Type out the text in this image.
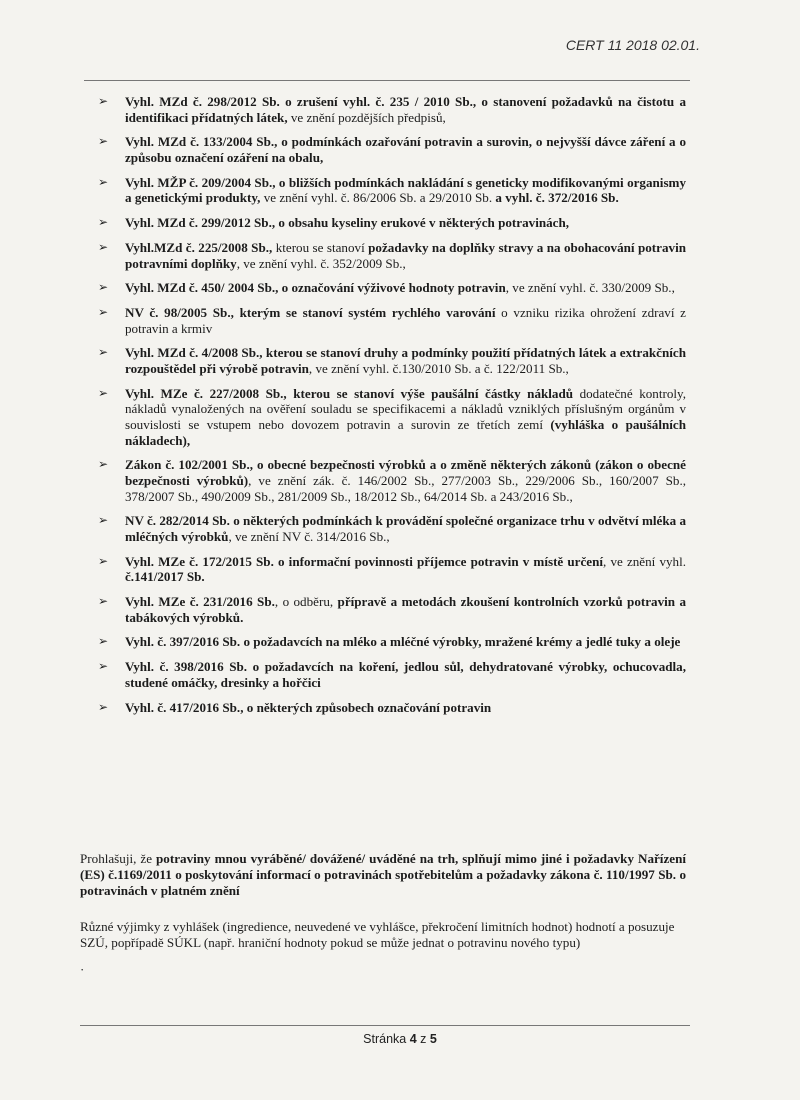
CERT 11 2018 02.01.
➢ Vyhl. MZd č. 298/2012 Sb. o zrušení vyhl. č. 235 / 2010 Sb., o stanovení požadavků na čistotu a identifikaci přídatných látek, ve znění pozdějších předpisů,
➢ Vyhl. MZd č. 133/2004 Sb., o podmínkách ozařování potravin a surovin, o nejvyšší dávce záření a o způsobu označení ozáření na obalu,
➢ Vyhl. MŽP č. 209/2004 Sb., o bližších podmínkách nakládání s geneticky modifikovanými organismy a genetickými produkty, ve znění vyhl. č. 86/2006 Sb. a 29/2010 Sb. a vyhl. č. 372/2016 Sb.
➢ Vyhl. MZd č. 299/2012 Sb., o obsahu kyseliny erukové v některých potravinách,
➢ Vyhl.MZd č. 225/2008 Sb., kterou se stanoví požadavky na doplňky stravy a na obohacování potravin potravními doplňky, ve znění vyhl. č. 352/2009 Sb.,
➢ Vyhl. MZd č. 450/ 2004 Sb., o označování výživové hodnoty potravin, ve znění vyhl. č. 330/2009 Sb.,
➢ NV č. 98/2005 Sb., kterým se stanoví systém rychlého varování o vzniku rizika ohrožení zdraví z potravin a krmiv
➢ Vyhl. MZd č. 4/2008 Sb., kterou se stanoví druhy a podmínky použití přídatných látek a extrakčních rozpouštědel při výrobě potravin, ve znění vyhl. č.130/2010 Sb. a č. 122/2011 Sb.,
➢ Vyhl. MZe č. 227/2008 Sb., kterou se stanoví výše paušální částky nákladů dodatečné kontroly, nákladů vynaložených na ověření souladu se specifikacemi a nákladů vzniklých příslušným orgánům v souvislosti se vstupem nebo dovozem potravin a surovin ze třetích zemí (vyhláška o paušálních nákladech),
➢ Zákon č. 102/2001 Sb., o obecné bezpečnosti výrobků a o změně některých zákonů (zákon o obecné bezpečnosti výrobků), ve znění zák. č. 146/2002 Sb., 277/2003 Sb., 229/2006 Sb., 160/2007 Sb., 378/2007 Sb., 490/2009 Sb., 281/2009 Sb., 18/2012 Sb., 64/2014 Sb. a 243/2016 Sb.,
➢ NV č. 282/2014 Sb. o některých podmínkách k provádění společné organizace trhu v odvětví mléka a mléčných výrobků, ve znění NV č. 314/2016 Sb.,
➢ Vyhl. MZe č. 172/2015 Sb. o informační povinnosti příjemce potravin v místě určení, ve znění vyhl. č.141/2017 Sb.
➢ Vyhl. MZe č. 231/2016 Sb., o odběru, přípravě a metodách zkoušení kontrolních vzorků potravin a tabákových výrobků.
➢ Vyhl. č. 397/2016 Sb. o požadavcích na mléko a mléčné výrobky, mražené krémy a jedlé tuky a oleje
➢ Vyhl. č. 398/2016 Sb. o požadavcích na koření, jedlou sůl, dehydratované výrobky, ochucovadla, studené omáčky, dresinky a hořčici
➢ Vyhl. č. 417/2016 Sb., o některých způsobech označování potravin

Prohlašuji, že potraviny mnou vyráběné/ dovážené/ uváděné na trh, splňují mimo jiné i požadavky Nařízení (ES) č.1169/2011 o poskytování informací o potravinách spotřebitelům a požadavky zákona č. 110/1997 Sb. o potravinách v platném znění

Různé výjimky z vyhlášek (ingredience, neuvedené ve vyhlášce, překročení limitních hodnot) hodnotí a posuzuje SZÚ, popřípadě SÚKL (např. hraniční hodnoty pokud se může jednat o potravinu nového typu)

·
Stránka 4 z 5
